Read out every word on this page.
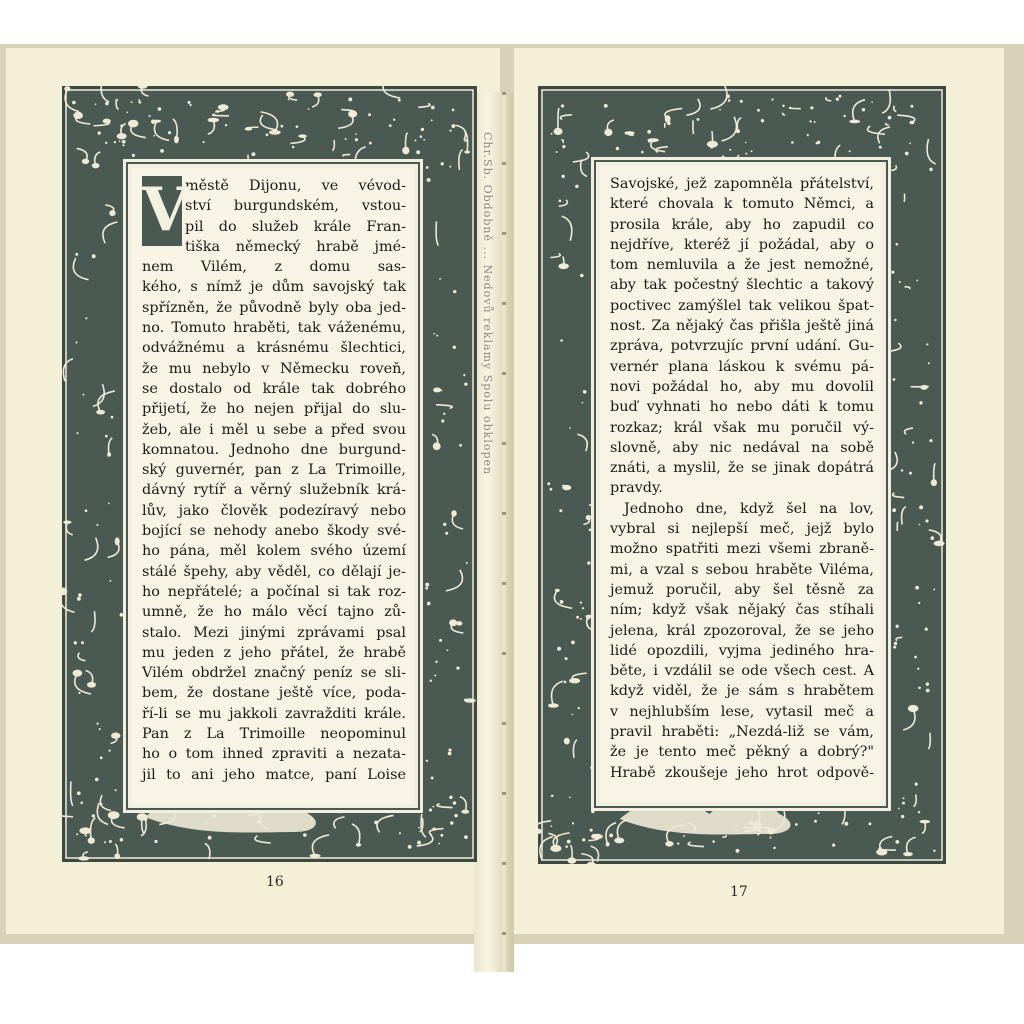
Chr.Sb. Obdobně ... Nedovů reklamy Spolu obklopen
V
městě Dijonu, ve vévod-
ství burgundském, vstou-
pil do služeb krále Fran-
tiška německý hrabě jmé-
nem Vilém, z domu sas-
kého, s nímž je dům savojský tak
spřízněn, že původně byly oba jed-
no. Tomuto hraběti, tak váženému,
odvážnému a krásnému šlechtici,
že mu nebylo v Německu roveň,
se dostalo od krále tak dobrého
přijetí, že ho nejen přijal do slu-
žeb, ale i měl u sebe a před svou
komnatou. Jednoho dne burgund-
ský guvernér, pan z La Trimoille,
dávný rytíř a věrný služebník krá-
lův, jako člověk podezíravý nebo
bojící se nehody anebo škody své-
ho pána, měl kolem svého území
stálé špehy, aby věděl, co dělají je-
ho nepřátelé; a počínal si tak roz-
umně, že ho málo věcí tajno zů-
stalo. Mezi jinými zprávami psal
mu jeden z jeho přátel, že hrabě
Vilém obdržel značný peníz se sli-
bem, že dostane ještě více, poda-
ří-li se mu jakkoli zavražditi krále.
Pan z La Trimoille neopominul
ho o tom ihned zpraviti a nezata-
jil to ani jeho matce, paní Loise
16
Savojské, jež zapomněla přátelství,
které chovala k tomuto Němci, a
prosila krále, aby ho zapudil co
nejdříve, kteréž jí požádal, aby o
tom nemluvila a že jest nemožné,
aby tak počestný šlechtic a takový
poctivec zamýšlel tak velikou špat-
nost. Za nějaký čas přišla ještě jiná
zpráva, potvrzujíc první udání. Gu-
vernér plana láskou k svému pá-
novi požádal ho, aby mu dovolil
buď vyhnati ho nebo dáti k tomu
rozkaz; král však mu poručil vý-
slovně, aby nic nedával na sobě
znáti, a myslil, že se jinak dopátrá
pravdy.
Jednoho dne, když šel na lov,
vybral si nejlepší meč, jejž bylo
možno spatřiti mezi všemi zbraně-
mi, a vzal s sebou hraběte Viléma,
jemuž poručil, aby šel těsně za
ním; když však nějaký čas stíhali
jelena, král zpozoroval, že se jeho
lidé opozdili, vyjma jediného hra-
běte, i vzdálil se ode všech cest. A
když viděl, že je sám s hrabětem
v nejhlubším lese, vytasil meč a
pravil hraběti: „Nezdá-liž se vám,
že je tento meč pěkný a dobrý?"
Hrabě zkoušeje jeho hrot odpově-
17
